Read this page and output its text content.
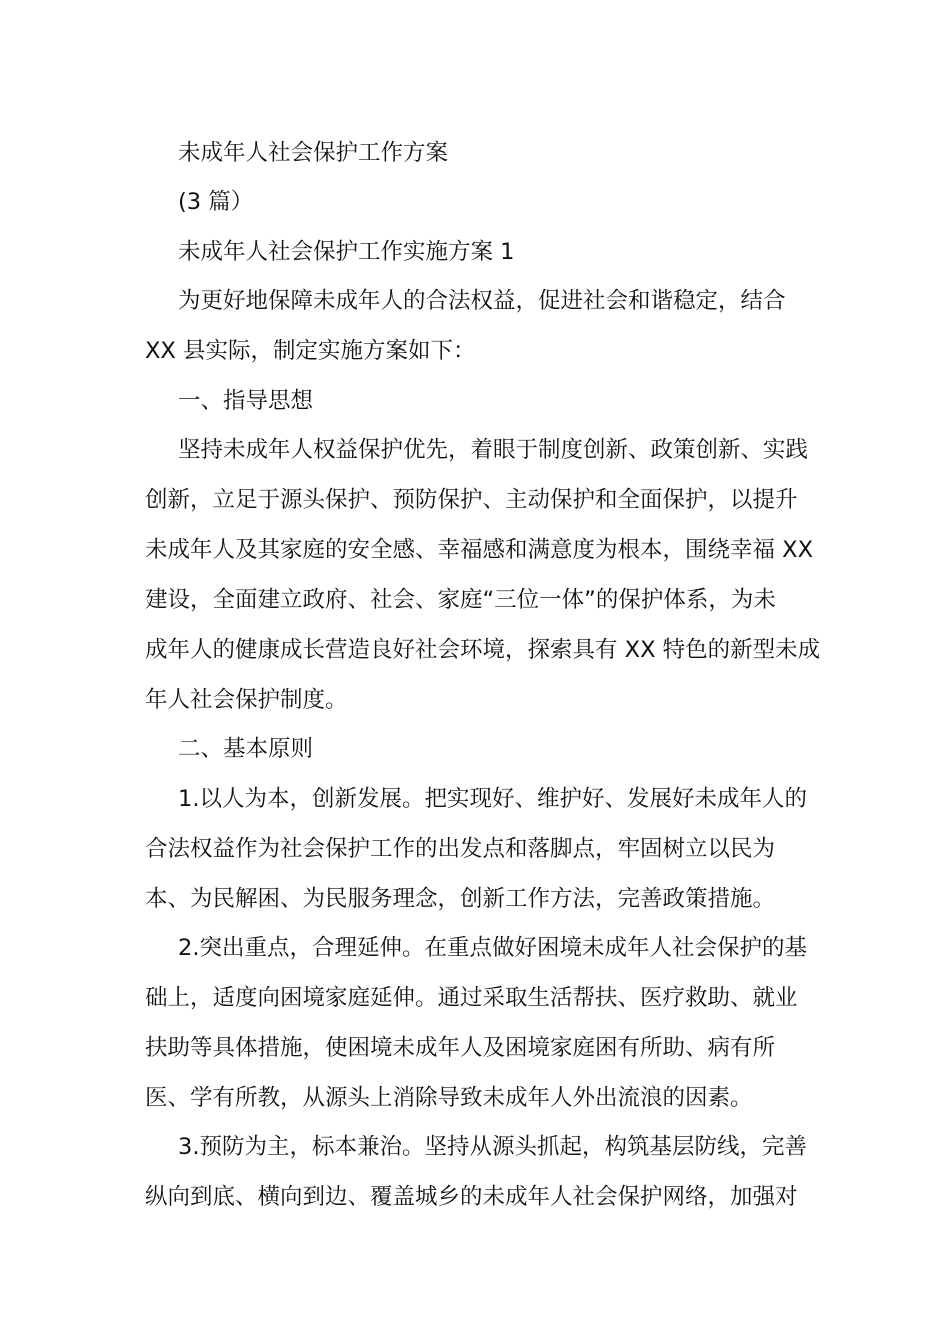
未成年人社会保护工作方案
(3 篇）
未成年人社会保护工作实施方案 1
为更好地保障未成年人的合法权益，促进社会和谐稳定，结合
XX 县实际，制定实施方案如下：
一、指导思想
坚持未成年人权益保护优先，着眼于制度创新、政策创新、实践
创新，立足于源头保护、预防保护、主动保护和全面保护，以提升
未成年人及其家庭的安全感、幸福感和满意度为根本，围绕幸福 XX
建设，全面建立政府、社会、家庭“三位一体”的保护体系，为未
成年人的健康成长营造良好社会环境，探索具有 XX 特色的新型未成
年人社会保护制度。
二、基本原则
1.以人为本，创新发展。把实现好、维护好、发展好未成年人的
合法权益作为社会保护工作的出发点和落脚点，牢固树立以民为
本、为民解困、为民服务理念，创新工作方法，完善政策措施。
2.突出重点，合理延伸。在重点做好困境未成年人社会保护的基
础上，适度向困境家庭延伸。通过采取生活帮扶、医疗救助、就业
扶助等具体措施，使困境未成年人及困境家庭困有所助、病有所
医、学有所教，从源头上消除导致未成年人外出流浪的因素。
3.预防为主，标本兼治。坚持从源头抓起，构筑基层防线，完善
纵向到底、横向到边、覆盖城乡的未成年人社会保护网络，加强对
